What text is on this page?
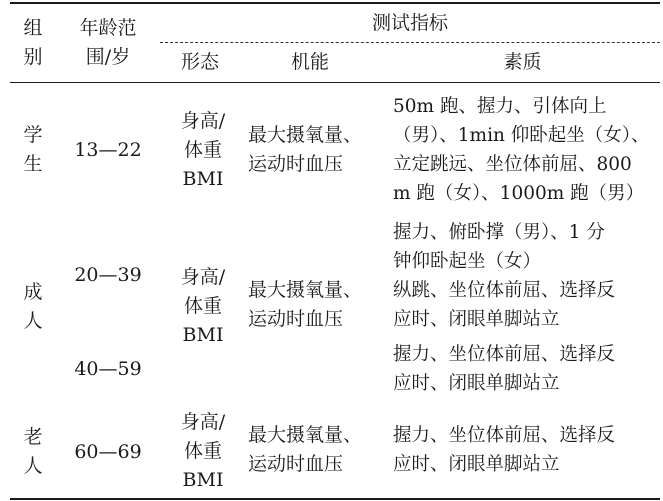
组
别
年龄范
围/岁
测试指标
形态	机能	素质
学
生
13—22
身高/
体重
BMI
最大摄氧量、
运动时血压
50m 跑、握力、引体向上
（男）、1min 仰卧起坐（女）、
立定跳远、坐位体前屈、800
m 跑（女）、1000m 跑（男）
成
人
20—39
40—59
身高/
体重
BMI
最大摄氧量、
运动时血压
握力、俯卧撑（男）、1 分
钟仰卧起坐（女）
纵跳、坐位体前屈、选择反
应时、闭眼单脚站立
握力、坐位体前屈、选择反
应时、闭眼单脚站立
老
人
60—69
身高/
体重
BMI
最大摄氧量、
运动时血压
握力、坐位体前屈、选择反
应时、闭眼单脚站立
